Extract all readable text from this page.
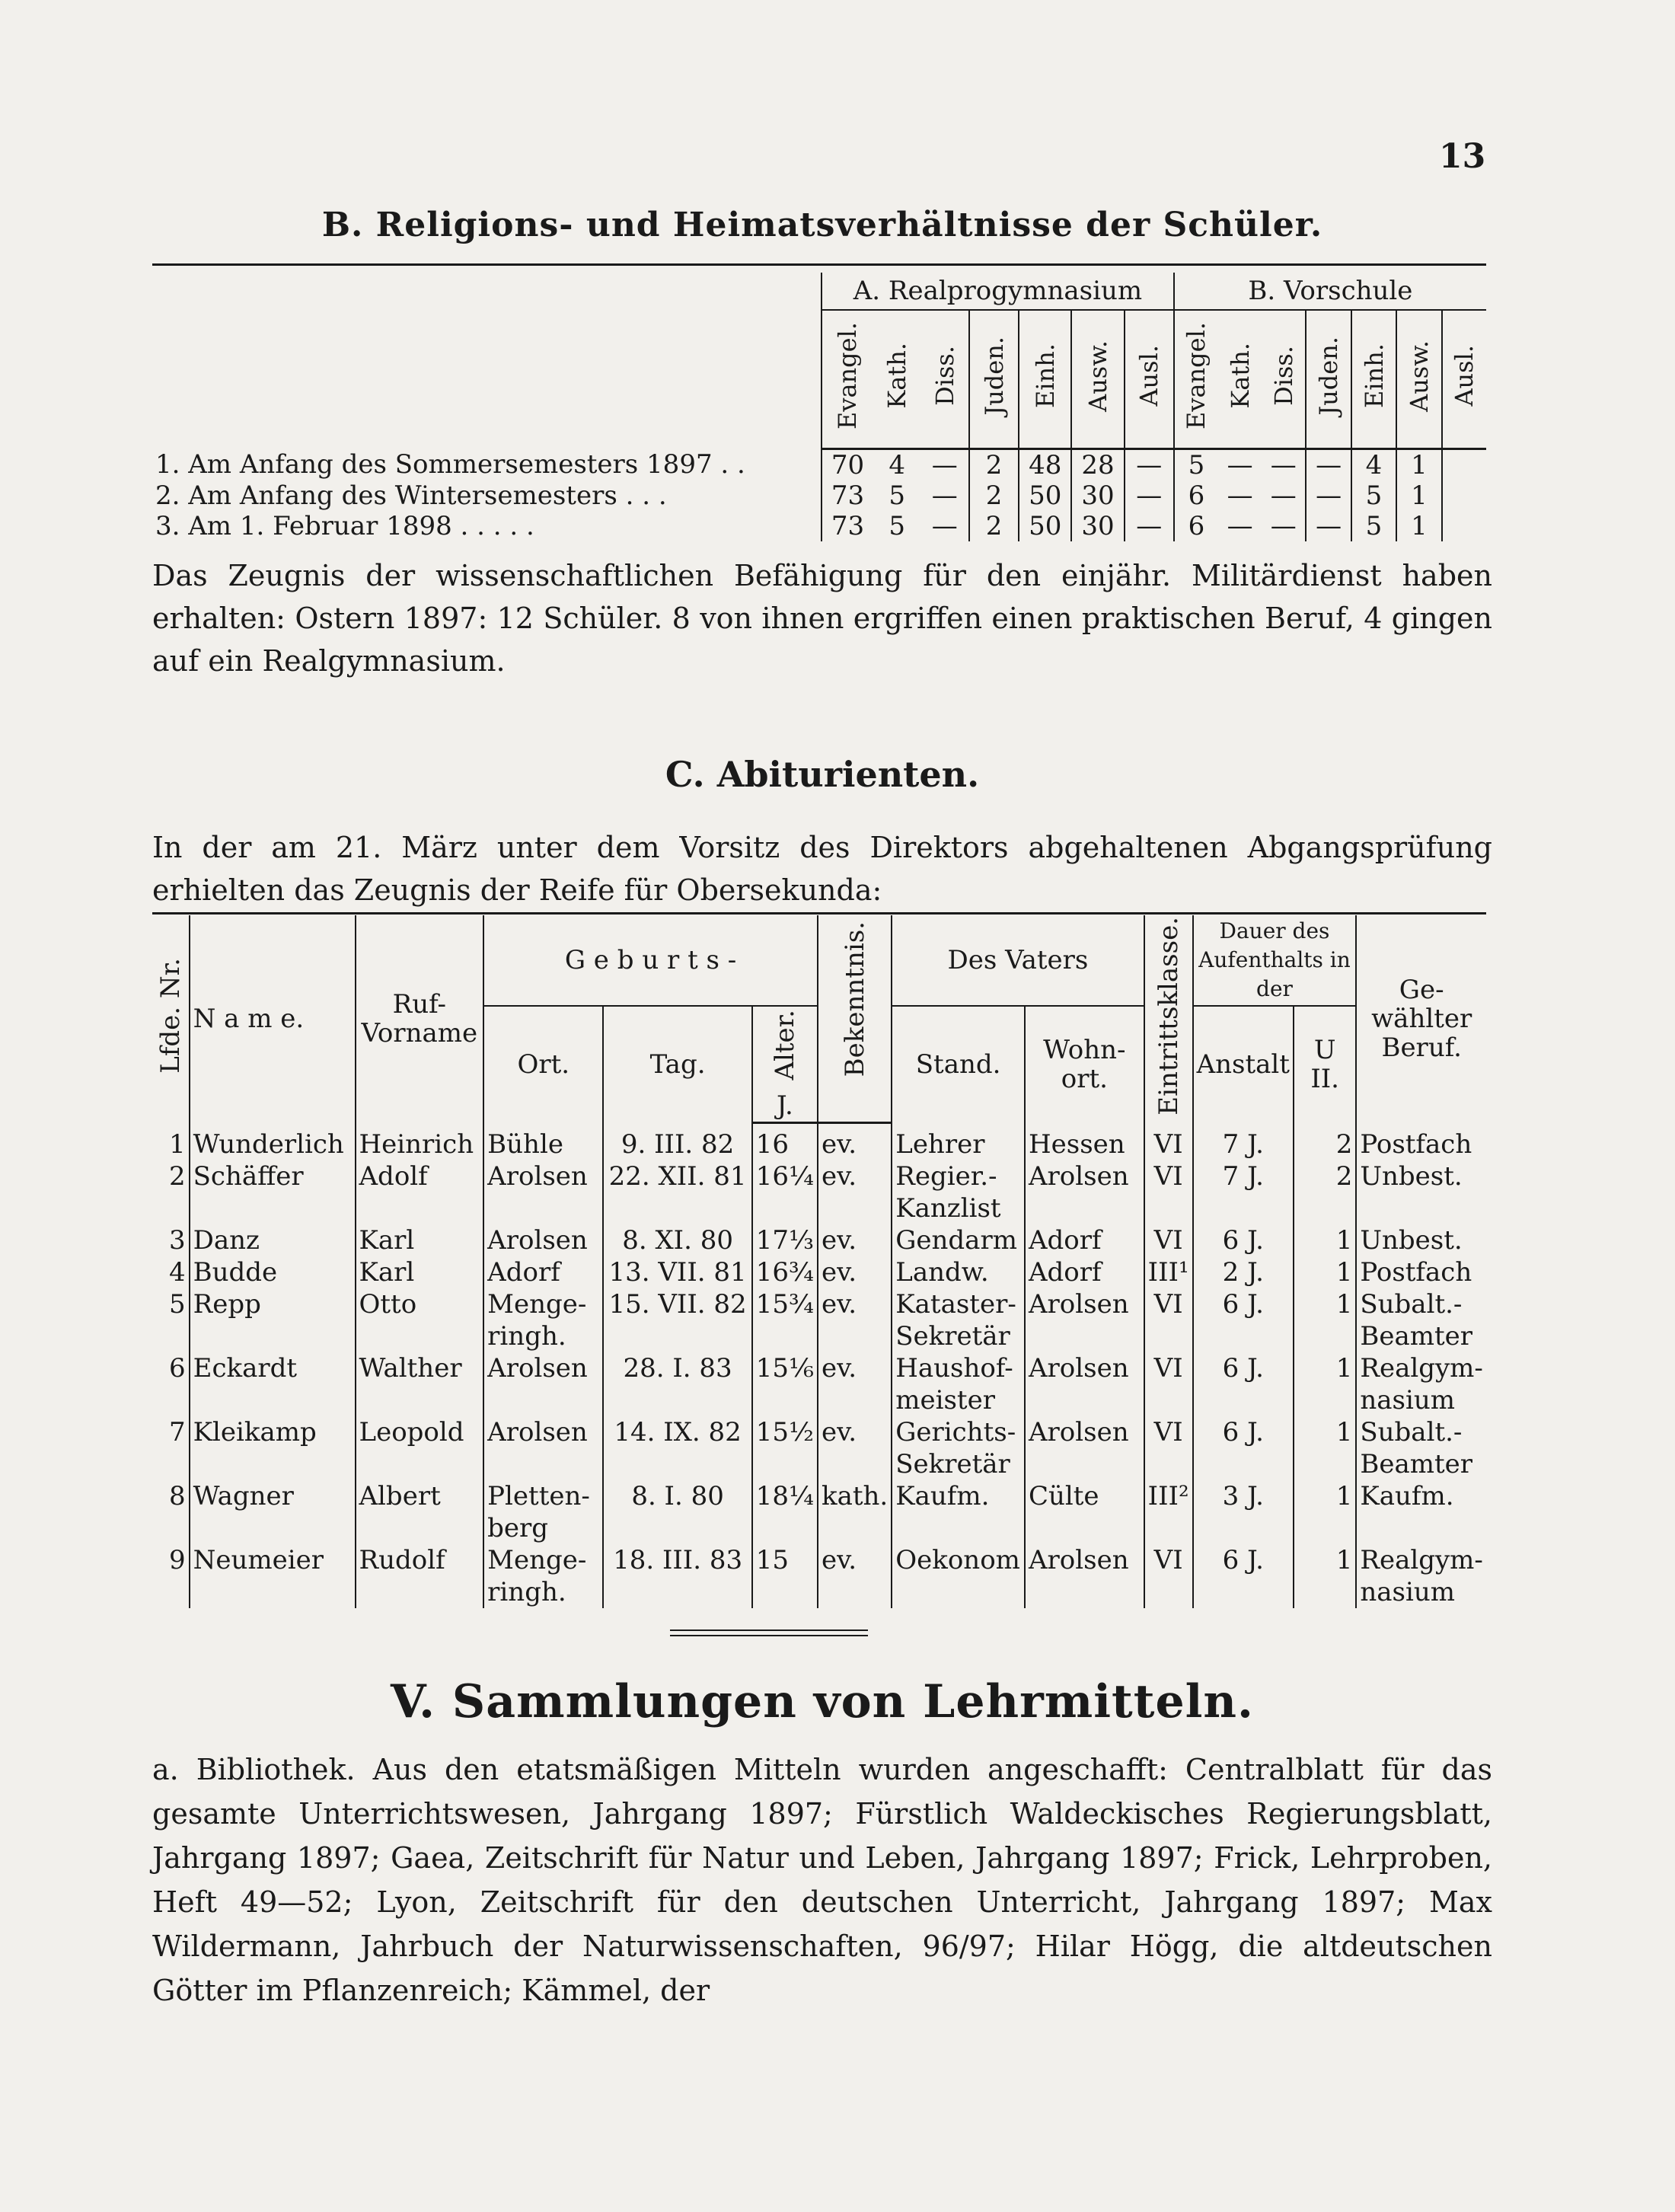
13
B. Religions- und Heimatsverhältnisse der Schüler.
	A. Realprogymnasium							B. Vorschule						
	Evangel.	Kath.	Diss.	Juden.	Einh.	Ausw.	Ausl.	Evangel.	Kath.	Diss.	Juden.	Einh.	Ausw.	Ausl.
1. Am Anfang des Sommersemesters 1897 . .	70	4	—	2	48	28	—	5	—	—	—	4	1	
2. Am Anfang des Wintersemesters . . .	73	5	—	2	50	30	—	6	—	—	—	5	1	
3. Am 1. Februar 1898 . . . . .	73	5	—	2	50	30	—	6	—	—	—	5	1	
Das Zeugnis der wissenschaftlichen Befähigung für den einjähr. Militärdienst haben erhalten: Ostern 1897: 12 Schüler. 8 von ihnen ergriffen einen praktischen Beruf, 4 gingen auf ein Realgymnasium.
C. Abiturienten.
In der am 21. März unter dem Vorsitz des Direktors abgehaltenen Abgangsprüfung erhielten das Zeugnis der Reife für Obersekunda:
Lfde. Nr.	N a m e.	Ruf- Vorname	G e b u r t s -			Bekenntnis.	Des Vaters		Eintrittsklasse.	Dauer des Aufenthalts in der		Ge- wählter Beruf.
			Ort.	Tag.	Alter.		Stand.	Wohn- ort.		Anstalt	U II.	
					J.							

1	Wunderlich	Heinrich	Bühle	9. III. 82	16	ev.	Lehrer	Hessen	VI	7 J.	2	Postfach
2	Schäffer	Adolf	Arolsen	22. XII. 81	16¼	ev.	Regier.- Kanzlist	Arolsen	VI	7 J.	2	Unbest.
3	Danz	Karl	Arolsen	8. XI. 80	17⅓	ev.	Gendarm	Adorf	VI	6 J.	1	Unbest.
4	Budde	Karl	Adorf	13. VII. 81	16¾	ev.	Landw.	Adorf	III¹	2 J.	1	Postfach
5	Repp	Otto	Menge- ringh.	15. VII. 82	15¾	ev.	Kataster- Sekretär	Arolsen	VI	6 J.	1	Subalt.- Beamter
6	Eckardt	Walther	Arolsen	28. I. 83	15⅙	ev.	Haushof- meister	Arolsen	VI	6 J.	1	Realgym- nasium
7	Kleikamp	Leopold	Arolsen	14. IX. 82	15½	ev.	Gerichts- Sekretär	Arolsen	VI	6 J.	1	Subalt.- Beamter
8	Wagner	Albert	Pletten- berg	8. I. 80	18¼	kath.	Kaufm.	Cülte	III²	3 J.	1	Kaufm.
9	Neumeier	Rudolf	Menge- ringh.	18. III. 83	15	ev.	Oekonom	Arolsen	VI	6 J.	1	Realgym- nasium
V. Sammlungen von Lehrmitteln.
a. Bibliothek. Aus den etatsmäßigen Mitteln wurden angeschafft: Centralblatt für das gesamte Unterrichtswesen, Jahrgang 1897; Fürstlich Waldeckisches Regierungsblatt, Jahrgang 1897; Gaea, Zeitschrift für Natur und Leben, Jahrgang 1897; Frick, Lehrproben, Heft 49—52; Lyon, Zeitschrift für den deutschen Unterricht, Jahrgang 1897; Max Wildermann, Jahrbuch der Naturwissenschaften, 96/97; Hilar Högg, die altdeutschen Götter im Pflanzenreich; Kämmel, der
